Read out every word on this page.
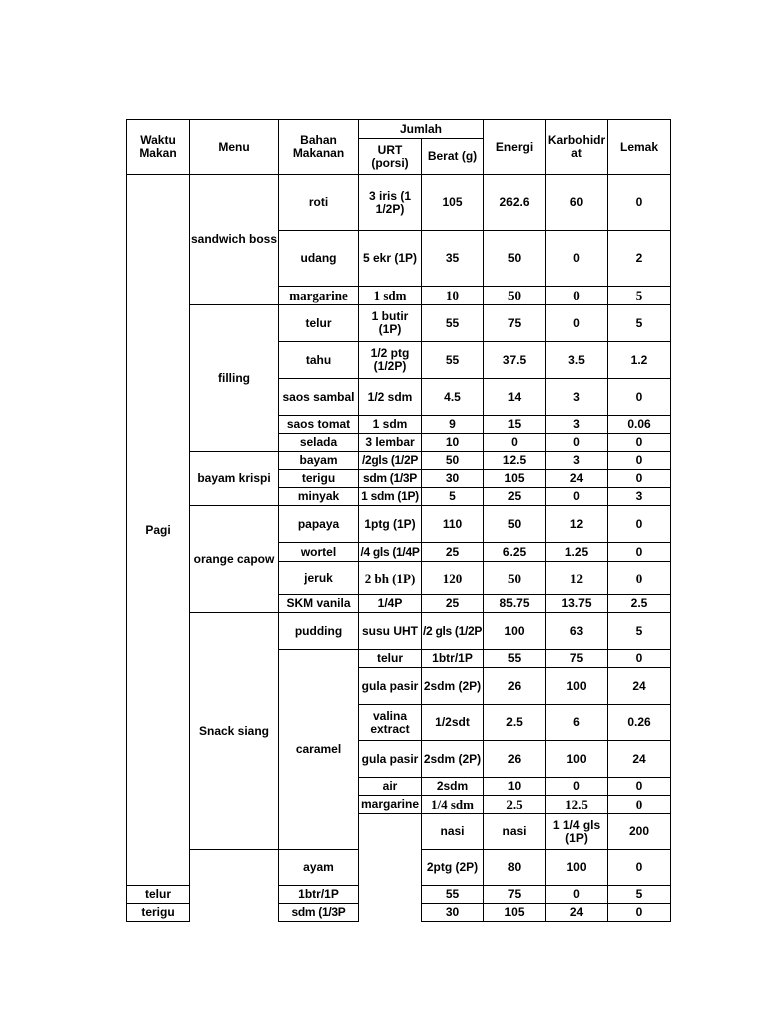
Waktu Makan	Menu	Bahan Makanan	Jumlah		Energi	Karbohidr at	Lemak	
			URT (porsi)	Berat (g)				

Pagi	sandwich boss	roti	3 iris (1 1/2P)	105	262.6	60	0	
		udang	5 ekr (1P)	35	50	0	2	
		margarine	1 sdm	10	50	0	5	
	filling	telur	1 butir (1P)	55	75	0	5	
		tahu	1/2 ptg (1/2P)	55	37.5	3.5	1.2	
		saos sambal	1/2 sdm	4.5	14	3	0	
		saos tomat	1 sdm	9	15	3	0.06	
		selada	3 lembar	10	0	0	0	
	bayam krispi	bayam	/2gls (1/2P	50	12.5	3	0	
		terigu	sdm (1/3P	30	105	24	0	
		minyak	1 sdm (1P)	5	25	0	3	
	orange capow	papaya	1ptg (1P)	110	50	12	0	
		wortel	/4 gls (1/4P	25	6.25	1.25	0	
		jeruk	2 bh (1P)	120	50	12	0	
		SKM vanila	1/4P	25	85.75	13.75	2.5	
	Snack siang	pudding	susu UHT	/2 gls (1/2P	100	63	5	
		caramel	telur	1btr/1P	55	75	0	
			gula pasir	2sdm (2P)	26	100	24	
			valina extract	1/2sdt	2.5	6	0.26	
			gula pasir	2sdm (2P)	26	100	24	
			air	2sdm	10	0	0	
			margarine	1/4 sdm	2.5	12.5	0	
				nasi	nasi	1 1/4 gls (1P)	200			
		ayam		2ptg (2P)	80	100	0	
telur		1btr/1P		55	75	0	5	
terigu		sdm (1/3P		30	105	24	0	
